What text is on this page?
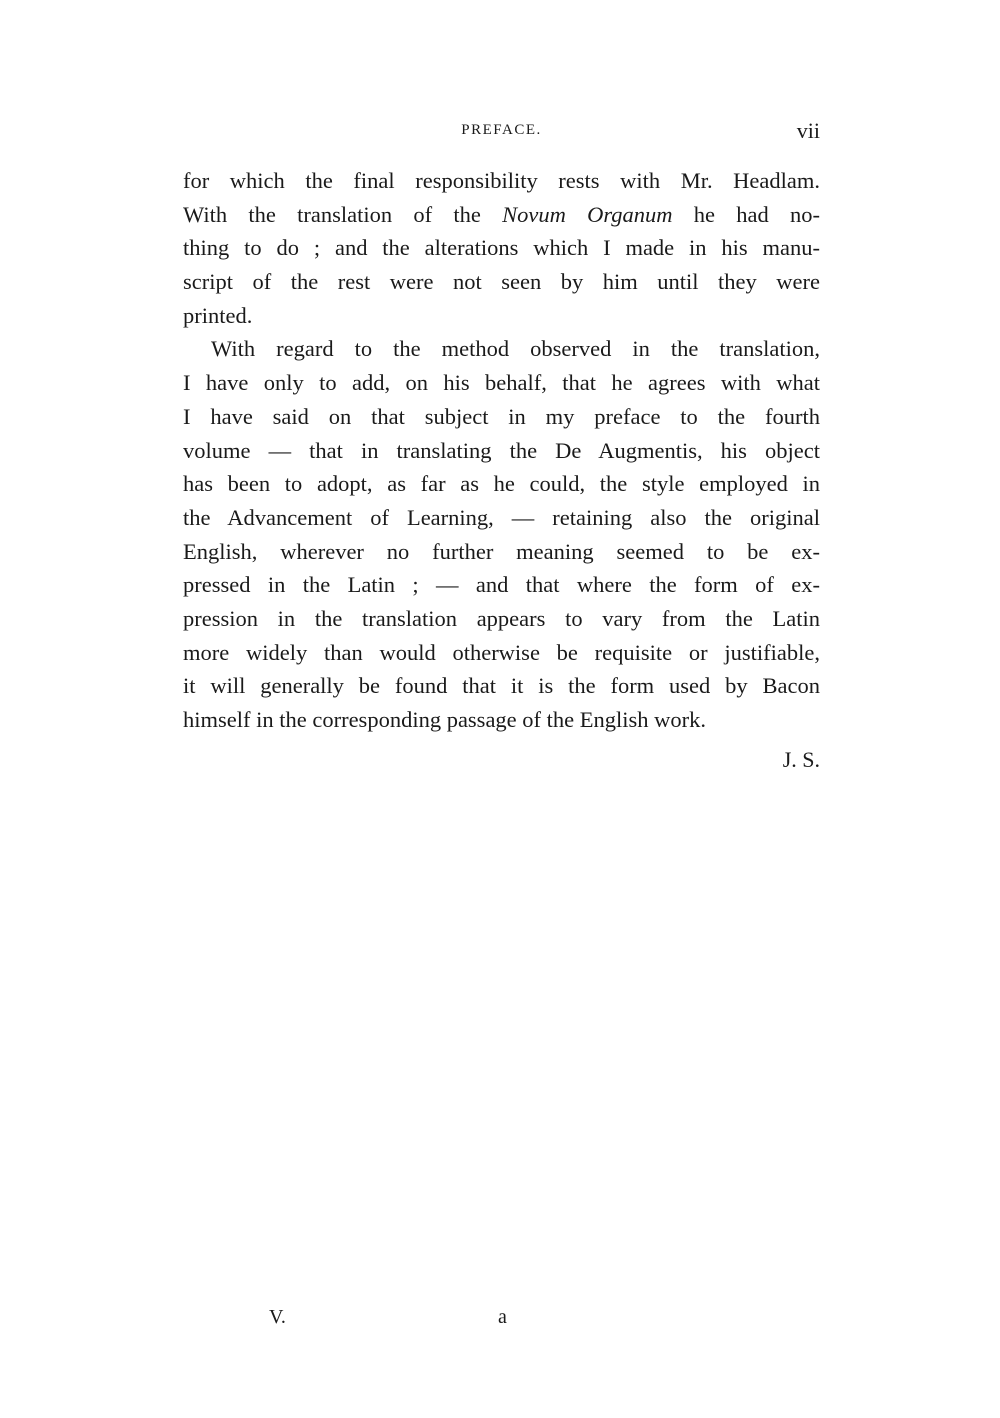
PREFACE.	vii
for which the final responsibility rests with Mr. Headlam.
With the translation of the Novum Organum he had no-
thing to do ; and the alterations which I made in his manu-
script of the rest were not seen by him until they were
printed.
With regard to the method observed in the translation,
I have only to add, on his behalf, that he agrees with what
I have said on that subject in my preface to the fourth
volume — that in translating the De Augmentis, his object
has been to adopt, as far as he could, the style employed in
the Advancement of Learning, — retaining also the original
English, wherever no further meaning seemed to be ex-
pressed in the Latin ; — and that where the form of ex-
pression in the translation appears to vary from the Latin
more widely than would otherwise be requisite or justifiable,
it will generally be found that it is the form used by Bacon
himself in the corresponding passage of the English work.
J. S.
V.	a
